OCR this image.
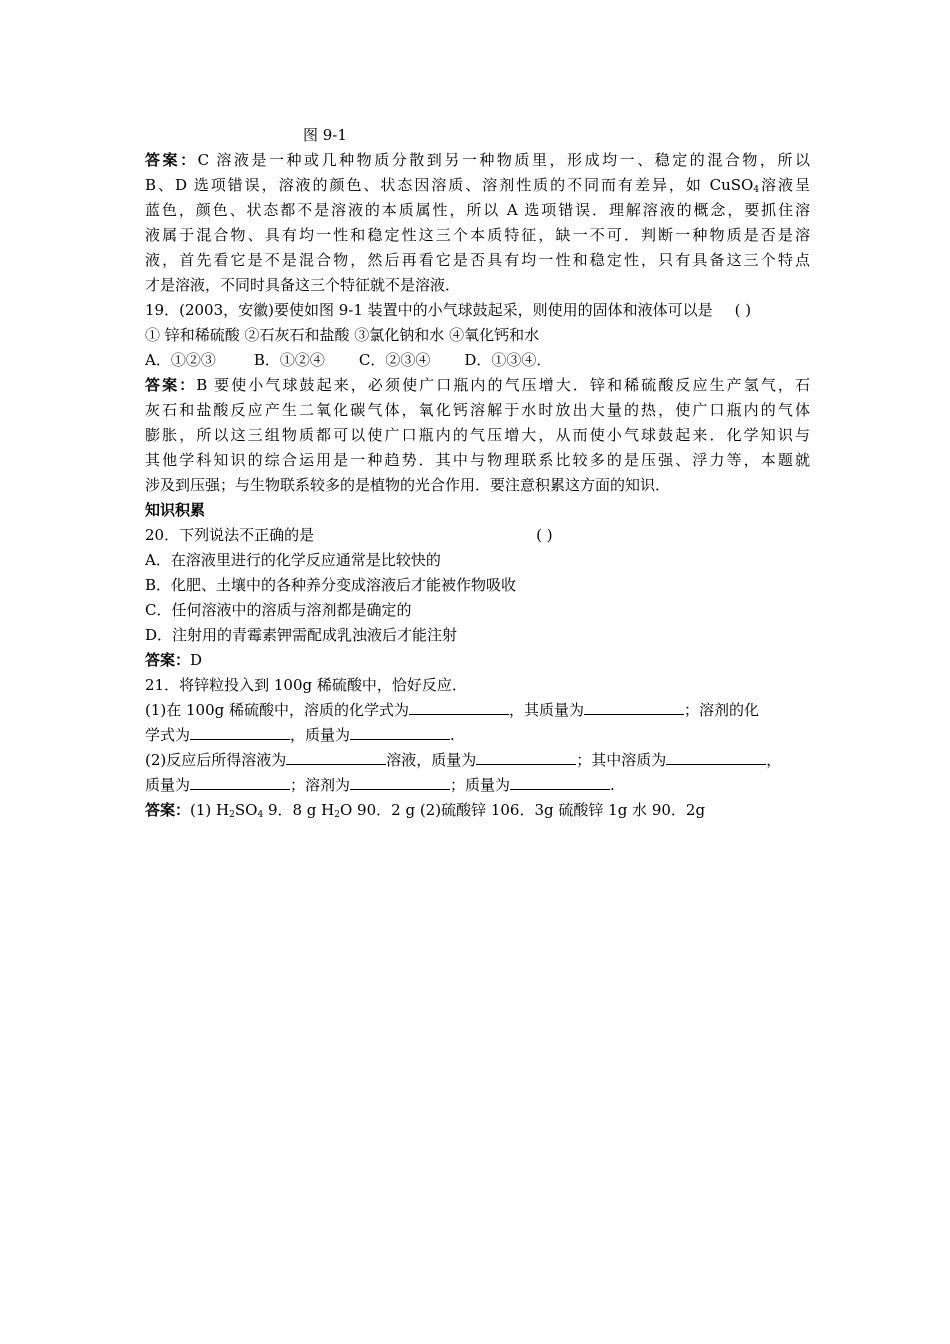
图 9-1
答案：C 溶液是一种或几种物质分散到另一种物质里，形成均一、稳定的混合物，所以
B、D 选项错误，溶液的颜色、状态因溶质、溶剂性质的不同而有差异，如 CuSO$_4$溶液呈
蓝色，颜色、状态都不是溶液的本质属性，所以 A 选项错误．理解溶液的概念，要抓住溶
液属于混合物、具有均一性和稳定性这三个本质特征，缺一不可．判断一种物质是否是溶
液，首先看它是不是混合物，然后再看它是否具有均一性和稳定性，只有具备这三个特点
才是溶液，不同时具备这三个特征就不是溶液．
19．(2003，安徽)要使如图 9-1 装置中的小气球鼓起采，则使用的固体和液体可以是 ( )
① 锌和稀硫酸 ②石灰石和盐酸 ③氯化钠和水 ④氧化钙和水
A．①②③	B．①②④ C．②③④ D．①③④．
答案：B 要使小气球鼓起来，必须使广口瓶内的气压增大．锌和稀硫酸反应生产氢气，石
灰石和盐酸反应产生二氧化碳气体，氧化钙溶解于水时放出大量的热，使广口瓶内的气体
膨胀，所以这三组物质都可以使广口瓶内的气压增大，从而使小气球鼓起来．化学知识与
其他学科知识的综合运用是一种趋势．其中与物理联系比较多的是压强、浮力等，本题就
涉及到压强；与生物联系较多的是植物的光合作用．要注意积累这方面的知识．
知识积累
20．下列说法不正确的是	( )
A．在溶液里进行的化学反应通常是比较快的
B．化肥、土壤中的各种养分变成溶液后才能被作物吸收
C．任何溶液中的溶质与溶剂都是确定的
D．注射用的青霉素钾需配成乳浊液后才能注射
答案：D
21．将锌粒投入到 100g 稀硫酸中，恰好反应．
(1)在 100g 稀硫酸中，溶质的化学式为	，其质量为	；溶剂的化
学式为	，质量为	.
(2)反应后所得溶液为	溶液，质量为	；其中溶质为	，
质量为	；溶剂为	；质量为	.
答案：(1) $H_2SO_4$ 9．8 g $H_2O$ 90．2 g (2)硫酸锌 106．3g 硫酸锌 1g 水 90．2g
